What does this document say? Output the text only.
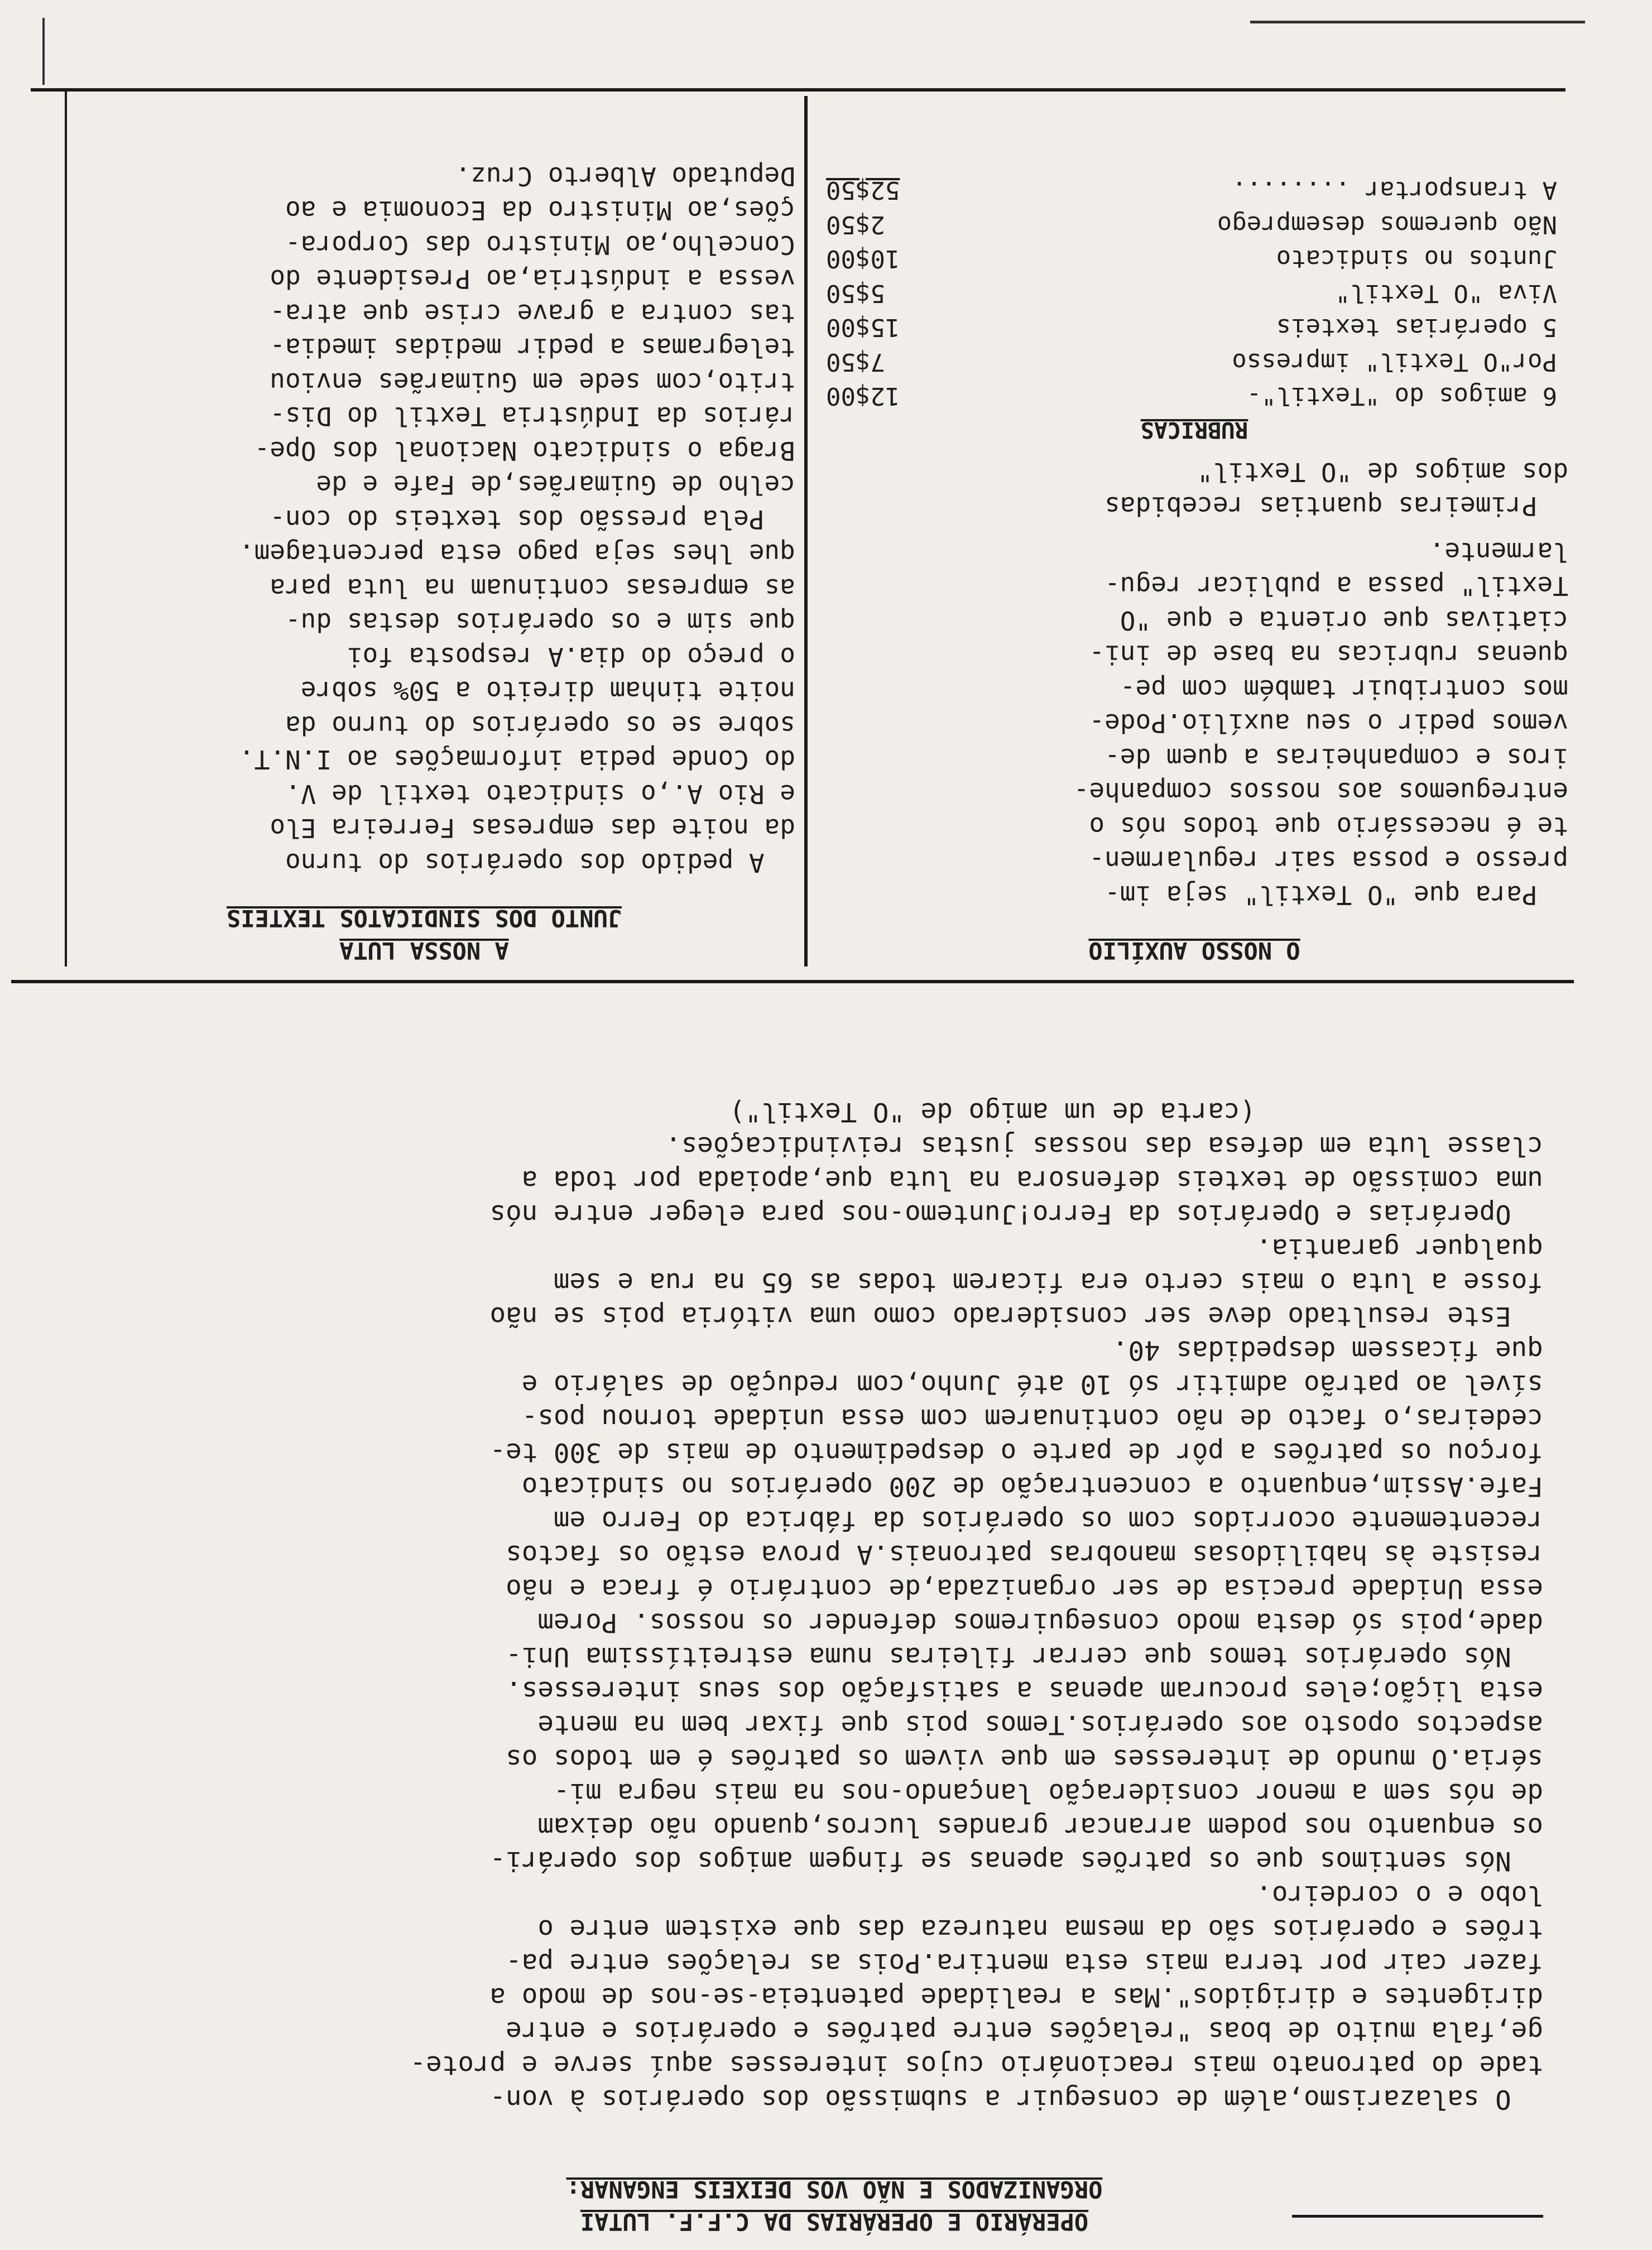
OPERÁRIO E OPERÁRIAS DA C.F.F. LUTAI
ORGANIZADOS E NÃO VOS DEIXEIS ENGANAR:
O salazarismo,além de conseguir a submissão dos operários à von-
tade do patronato mais reacionário cujos interesses aquí serve e prote-
ge,fala muito de boas "relações entre patrões e operários e entre
dirigentes e dirigidos".Mas a realidade patenteia-se-nos de modo a
fazer cair por terra mais esta mentira.Pois as relações entre pa-
trões e operários são da mesma natureza das que existem entre o
lobo e o cordeiro.
Nós sentimos que os patrões apenas se fingem amigos dos operári-
os enquanto nos podem arrancar grandes lucros,quando não deixam
de nós sem a menor consideração lançando-nos na mais negra mi-
séria.O mundo de interesses em que vivem os patrões é em todos os
aspectos oposto aos operários.Temos pois que fixar bem na mente
esta lição;eles procuram apenas a satisfação dos seus interesses.
Nós operários temos que cerrar fileiras numa estreitíssima Uni-
dade,pois só desta modo conseguiremos defender os nossos. Porem
essa Unidade precisa de ser organizada,de contrário é fraca e não
resiste às habilidosas manobras patronais.A prova estão os factos
recentemente ocorridos com os operários da fábrica do Ferro em
Fafe.Assim,enquanto a concentração de 200 operários no sindicato
forçou os patrões a pôr de parte o despedimento de mais de 300 te-
cedeiras,o facto de não continuarem com essa unidade tornou pos-
sível ao patrão admitir só 10 até Junho,com redução de salário e
que ficassem despedidas 40.
Este resultado deve ser considerado como uma vitória pois se não
fosse a luta o mais certo era ficarem todas as 65 na rua e sem
qualquer garantia.
Operárias e Operários da Ferro!Juntemo-nos para eleger entre nós
uma comissão de texteis defensora na luta que,apoiada por toda a
classe luta em defesa das nossas justas reivindicações.
(carta de um amigo de "O Textil")
A NOSSA LUTA
JUNTO DOS SINDICATOS TEXTEIS
A pedido dos operários do turno
da noite das empresas Ferreira Elo
e Rio A.,o sindicato textil de V.
do Conde pedia informações ao I.N.T.
sobre se os operários do turno da
noite tinham direito a 50% sobre
o preço do dia.A resposta foi
que sim e os operários destas du-
as empresas continuam na luta para
que lhes seja pago esta percentagem.
Pela pressão dos texteis do con-
celho de Guimarães,de Fafe e de
Braga o sindicato Nacional dos Ope-
rários da Indústria Textil do Dis-
trito,com sede em Guimarães enviou
telegramas a pedir medidas imedia-
tas contra a grave crise que atra-
vessa a indústria,ao Presidente do
Concelho,ao Ministro das Corpora-
ções,ao Ministro da Economia e ao
Deputado Alberto Cruz.
O NOSSO AUXÍLIO
Para que "O Textil" seja im-
presso e possa sair regularmen-
te é necessário que todos nós o
entreguemos aos nossos companhe-
iros e companheiras a quem de-
vemos pedir o seu auxílio.Pode-
mos contribuir também com pe-
quenas rubricas na base de ini-
ciativas que orienta e que "O
Textil" passa a publicar regu-
larmente.
Primeiras quantias recebidas
dos amigos de "O Textil"
RUBRICAS
6 amigos do "Textil"-
12$00
Por"O Textil" impresso
7$50
5 operárias texteis
15$00
Viva "O Textil"
5$50
Juntos no sindicato
10$00
Não queremos desemprego
2$50
A transportar ........
52$50
